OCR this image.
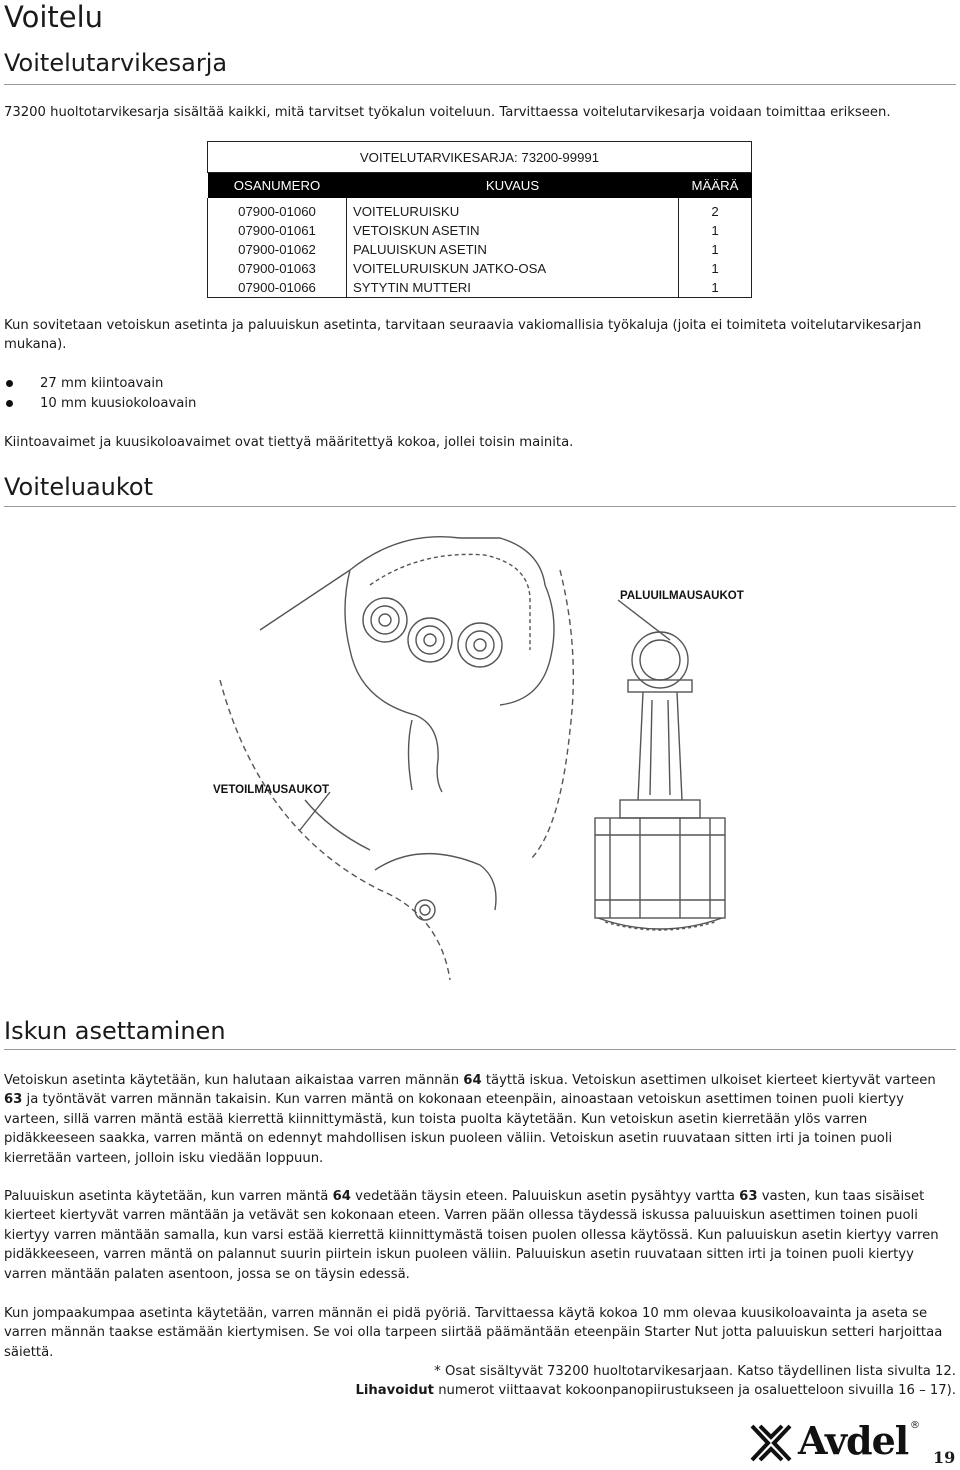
Voitelu
Voitelutarvikesarja

73200 huoltotarvikesarja sisältää kaikki, mitä tarvitset työkalun voiteluun. Tarvittaessa voitelutarvikesarja voidaan toimittaa erikseen.

VOITELUTARVIKESARJA: 73200-99991		
OSANUMERO	KUVAUS	MÄÄRÄ
07900-01060	VOITELURUISKU	2
07900-01061	VETOISKUN ASETIN	1
07900-01062	PALUUISKUN ASETIN	1
07900-01063	VOITELURUISKUN JATKO-OSA	1
07900-01066	SYTYTIN MUTTERI	1

Kun sovitetaan vetoiskun asetinta ja paluuiskun asetinta, tarvitaan seuraavia vakiomallisia työkaluja (joita ei toimiteta voitelutarvikesarjan mukana).

27 mm kiintoavain
10 mm kuusiokoloavain

Kiintoavaimet ja kuusikoloavaimet ovat tiettyä määritettyä kokoa, jollei toisin mainita.

Voiteluaukot
PALUUILMAUSAUKOT
VETOILMAUSAUKOT
Iskun asettaminen

Vetoiskun asetinta käytetään, kun halutaan aikaistaa varren männän 64 täyttä iskua. Vetoiskun asettimen ulkoiset kierteet kiertyvät varteen 63 ja työntävät varren männän takaisin. Kun varren mäntä on kokonaan eteenpäin, ainoastaan vetoiskun asettimen toinen puoli kiertyy varteen, sillä varren mäntä estää kierrettä kiinnittymästä, kun toista puolta käytetään. Kun vetoiskun asetin kierretään ylös varren pidäkkeeseen saakka, varren mäntä on edennyt mahdollisen iskun puoleen väliin. Vetoiskun asetin ruuvataan sitten irti ja toinen puoli kierretään varteen, jolloin isku viedään loppuun.

Paluuiskun asetinta käytetään, kun varren mäntä 64 vedetään täysin eteen. Paluuiskun asetin pysähtyy vartta 63 vasten, kun taas sisäiset kierteet kiertyvät varren mäntään ja vetävät sen kokonaan eteen. Varren pään ollessa täydessä iskussa paluuiskun asettimen toinen puoli kiertyy varren mäntään samalla, kun varsi estää kierrettä kiinnittymästä toisen puolen ollessa käytössä. Kun paluuiskun asetin kiertyy varren pidäkkeeseen, varren mäntä on palannut suurin piirtein iskun puoleen väliin. Paluuiskun asetin ruuvataan sitten irti ja toinen puoli kiertyy varren mäntään palaten asentoon, jossa se on täysin edessä.

Kun jompaakumpaa asetinta käytetään, varren männän ei pidä pyöriä. Tarvittaessa käytä kokoa 10 mm olevaa kuusikoloavainta ja aseta se varren männän taakse estämään kiertymisen. Se voi olla tarpeen siirtää päämäntään eteenpäin Starter Nut jotta paluuiskun setteri harjoittaa säiettä.

* Osat sisältyvät 73200 huoltotarvikesarjaan. Katso täydellinen lista sivulta 12.
Lihavoidut numerot viittaavat kokoonpanopiirustukseen ja osaluetteloon sivuilla 16 – 17).
Avdel ®
19
